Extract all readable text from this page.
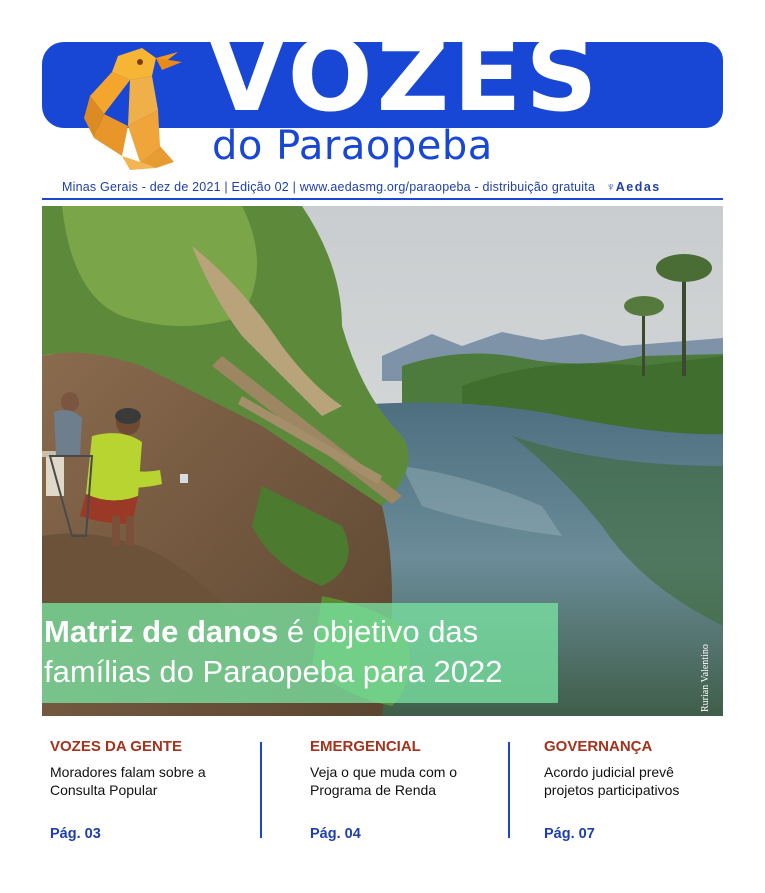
VOZES
do Paraopeba
Minas Gerais - dez de 2021 | Edição 02 | www.aedasmg.org/paraopeba - distribuição gratuita ♆Aedas
Matriz de danos é objetivo das famílias do Paraopeba para 2022	Rurian Valentino

VOZES DA GENTE

Moradores falam sobre a Consulta Popular

Pág. 03

EMERGENCIAL

Veja o que muda com o Programa de Renda

Pág. 04

GOVERNANÇA

Acordo judicial prevê projetos participativos

Pág. 07
